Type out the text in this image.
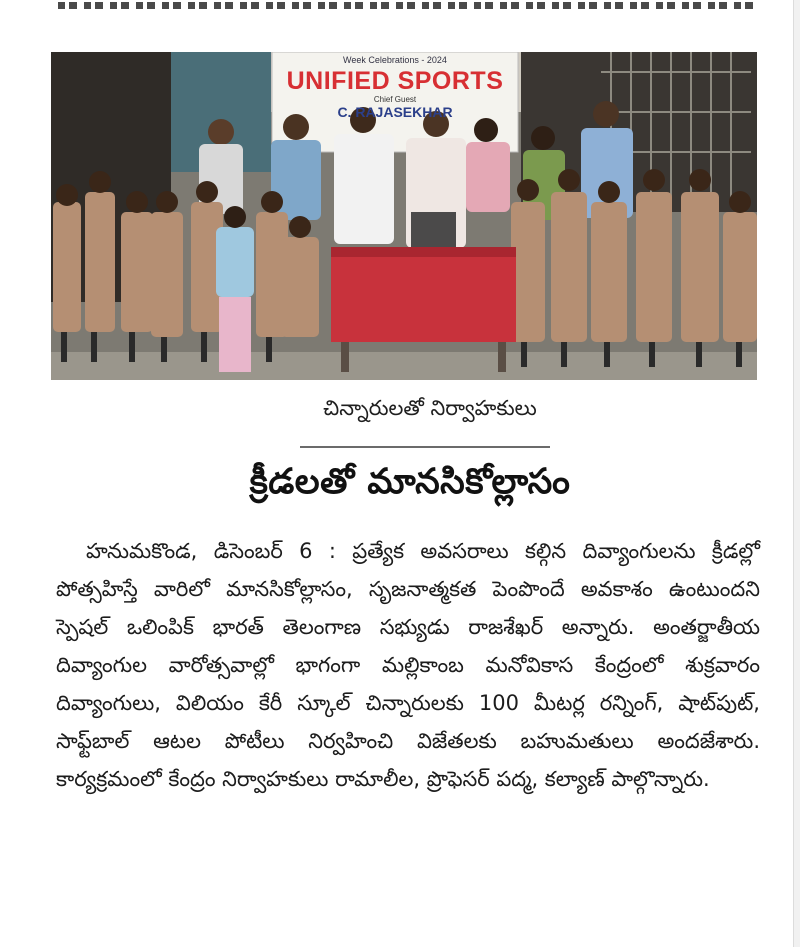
Week Celebrations - 2024
UNIFIED SPORTS
Chief Guest
C. RAJASEKHAR
చిన్నారులతో నిర్వాహకులు
క్రీడలతో మానసికోల్లాసం
హనుమకొండ, డిసెంబర్ 6 : ప్రత్యేక అవసరాలు కల్గిన దివ్యాంగులను క్రీడల్లో పోత్సహిస్తే వారిలో మానసికోల్లాసం, సృజనాత్మకత పెంపొందే అవకాశం ఉంటుందని స్పెషల్ ఒలింపిక్ భారత్ తెలంగాణ సభ్యుడు రాజశేఖర్ అన్నారు. అంతర్జాతీయ దివ్యాంగుల వారోత్సవాల్లో భాగంగా మల్లికాంబ మనోవికాస కేంద్రంలో శుక్రవారం దివ్యాంగులు, విలియం కేరీ స్కూల్ చిన్నారులకు 100 మీటర్ల రన్నింగ్, షాట్‌పుట్, సాఫ్ట్‌బాల్ ఆటల పోటీలు నిర్వహించి విజేతలకు బహుమతులు అందజేశారు. కార్యక్రమంలో కేంద్రం నిర్వాహకులు రామాలీల, ప్రొఫెసర్ పద్మ, కల్యాణ్ పాల్గొన్నారు.
